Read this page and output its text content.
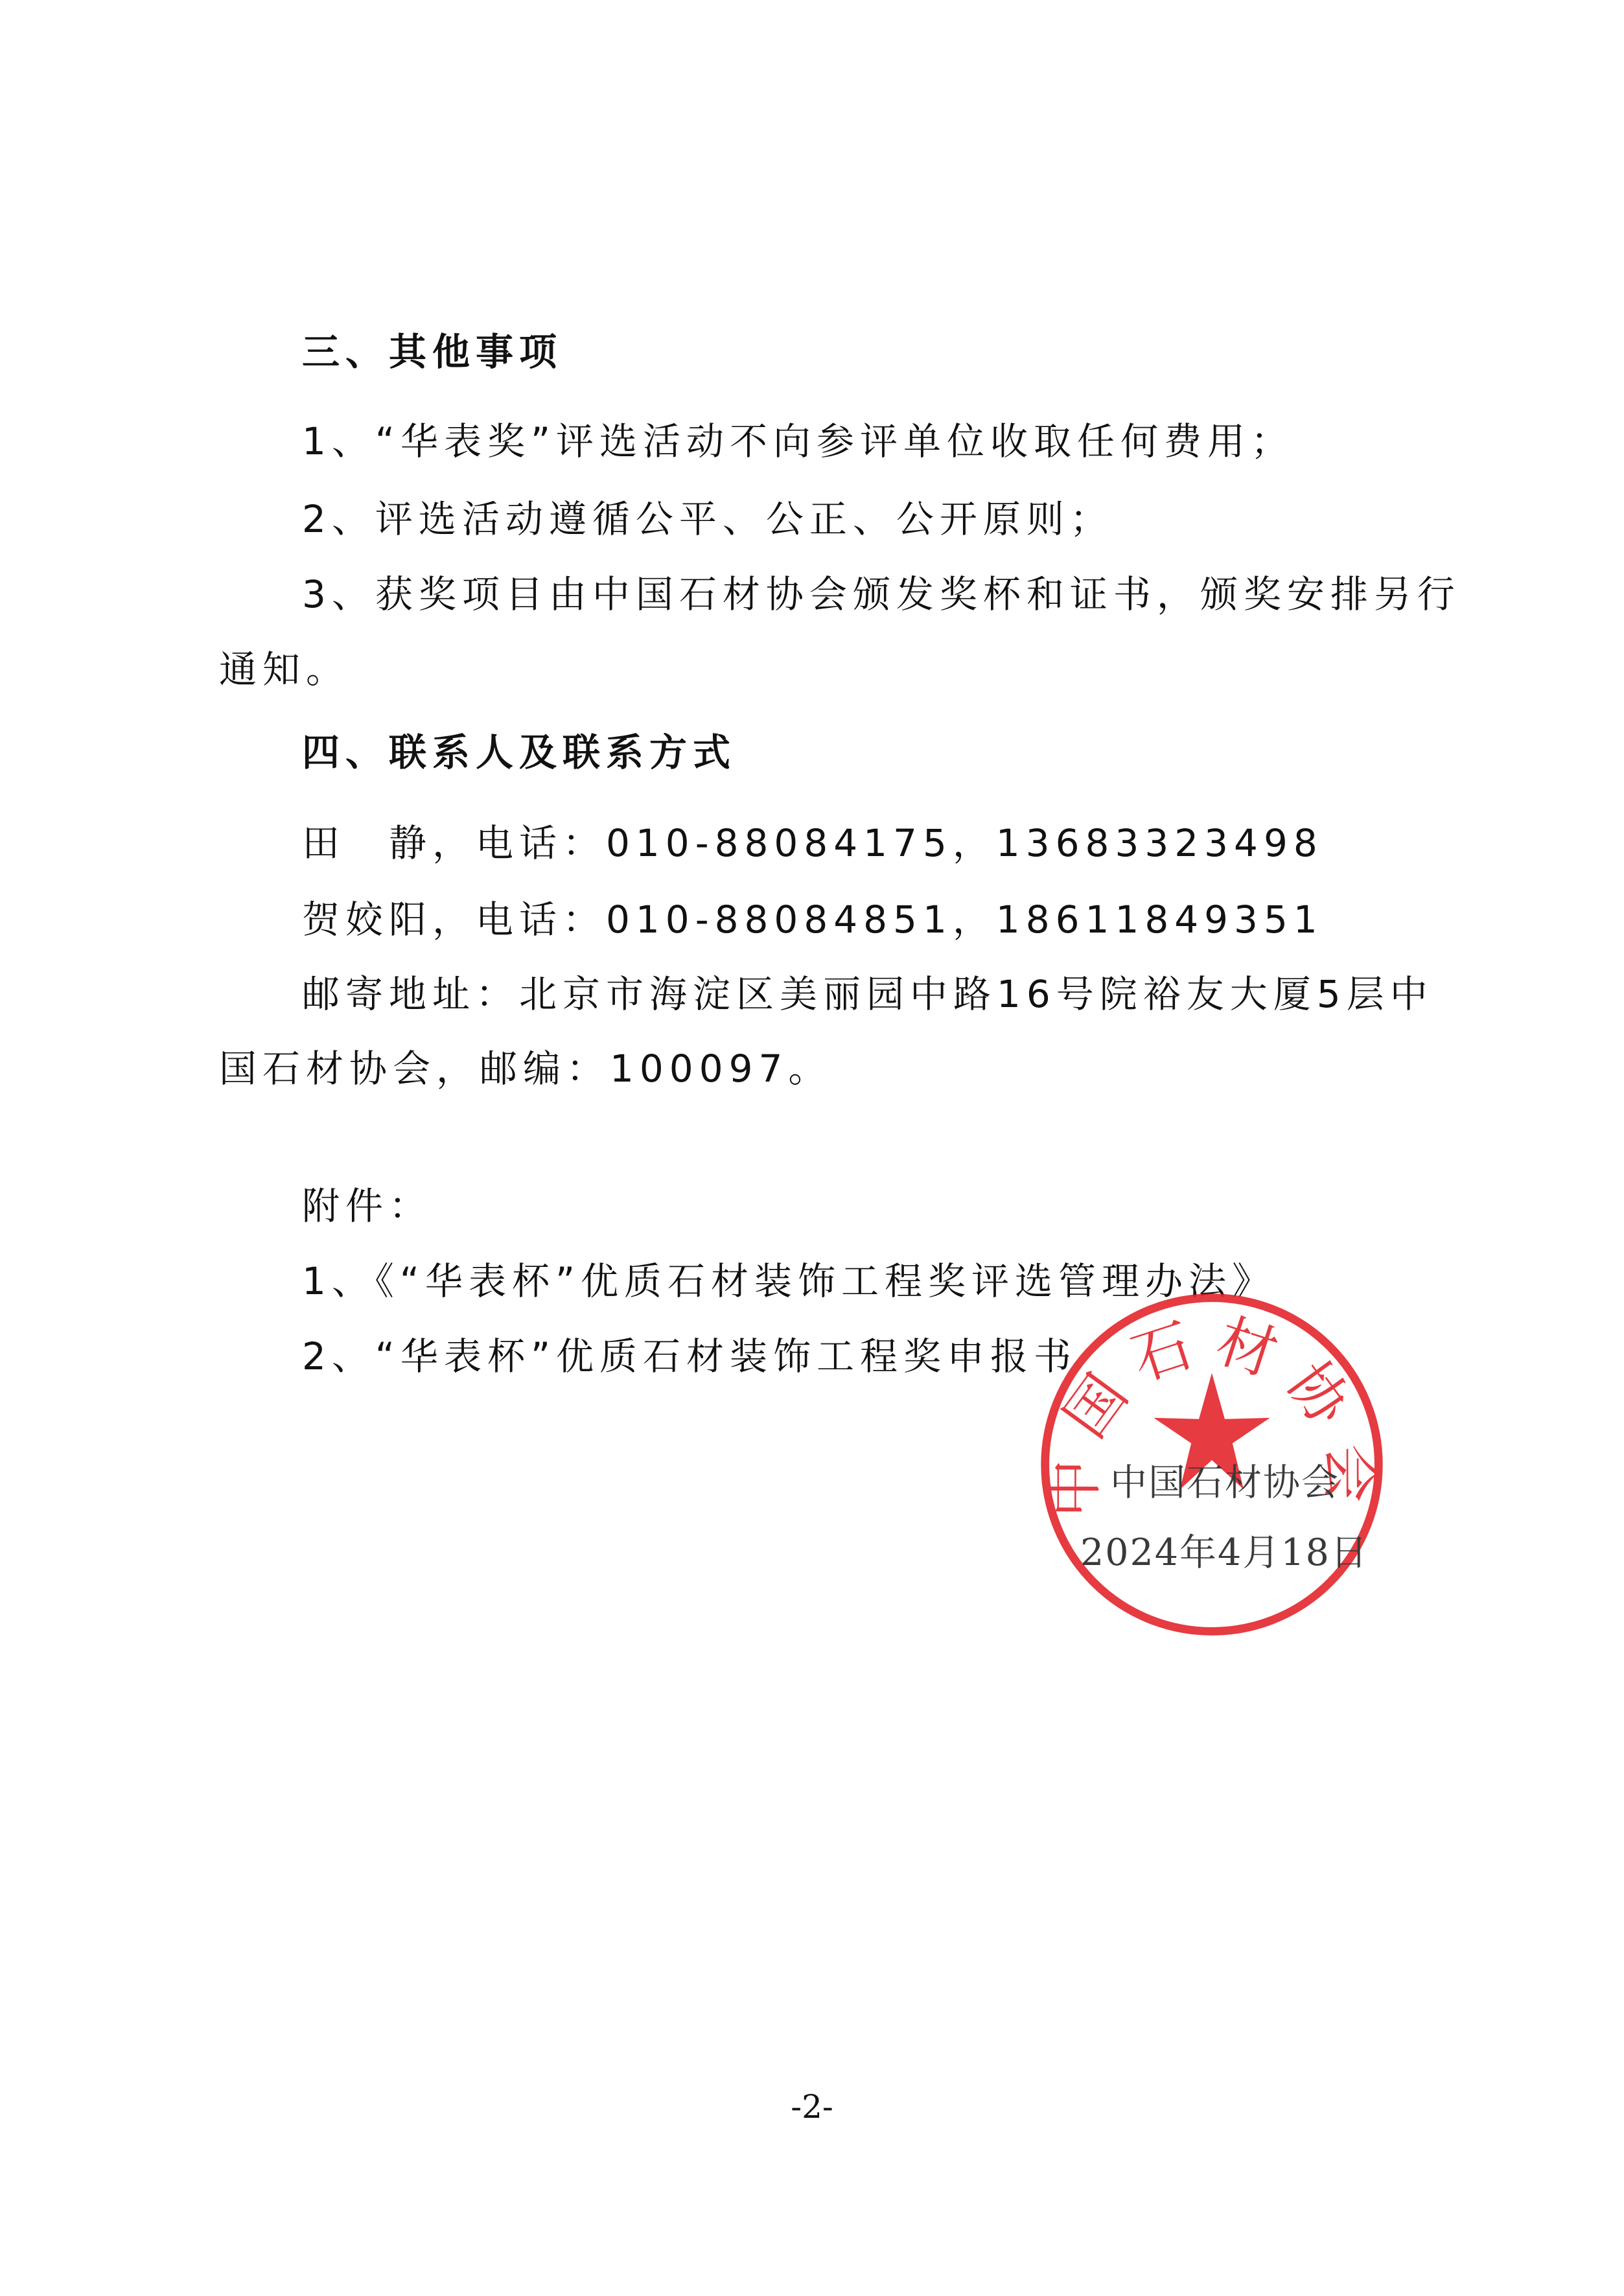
三、其他事项
1、“华表奖”评选活动不向参评单位收取任何费用；
2、评选活动遵循公平、公正、公开原则；
3、获奖项目由中国石材协会颁发奖杯和证书，颁奖安排另行
通知。
四、联系人及联系方式
田　静，电话：010-88084175，13683323498
贺姣阳，电话：010-88084851，18611849351
邮寄地址：北京市海淀区美丽园中路16号院裕友大厦5层中
国石材协会，邮编：100097。
附件：
1、《“华表杯”优质石材装饰工程奖评选管理办法》
2、“华表杯”优质石材装饰工程奖申报书
中国石材协会
中国石材协会
2024年4月18日
-2-
